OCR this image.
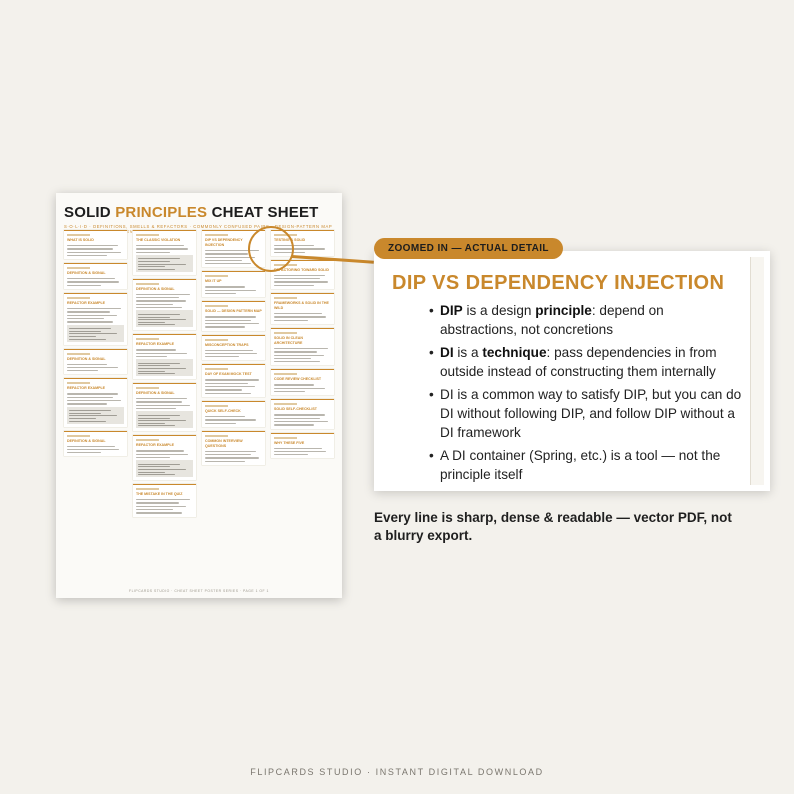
SOLID PRINCIPLES CHEAT SHEET
S·O·L·I·D · DEFINITIONS, SMELLS & REFACTORS · COMMONLY CONFUSED PAIRS · DESIGN-PATTERN MAP
WHAT IS SOLID
DEFINITION & SIGNAL
REFACTOR EXAMPLE
DEFINITION & SIGNAL
REFACTOR EXAMPLE
DEFINITION & SIGNAL
THE CLASSIC VIOLATION
DEFINITION & SIGNAL
REFACTOR EXAMPLE
DEFINITION & SIGNAL
REFACTOR EXAMPLE
THE MISTAKE IN THE QUIZ
DIP VS DEPENDENCY INJECTION
MIX IT UP
SOLID — DESIGN PATTERN MAP
MISCONCEPTION TRAPS
DAY OF EXAM MOCK TEST
QUICK SELF-CHECK
COMMON INTERVIEW QUESTIONS
TESTING & SOLID
REFACTORING TOWARD SOLID
FRAMEWORKS & SOLID IN THE WILD
SOLID IN CLEAN ARCHITECTURE
CODE REVIEW CHECKLIST
SOLID SELF-CHECKLIST
WHY THESE FIVE
FLIPCARDS STUDIO · CHEAT SHEET POSTER SERIES · PAGE 1 OF 1
ZOOMED IN — ACTUAL DETAIL
DIP VS DEPENDENCY INJECTION
• DIP is a design principle: depend on abstractions, not concretions
• DI is a technique: pass dependencies in from outside instead of constructing them internally
• DI is a common way to satisfy DIP, but you can do DI without following DIP, and follow DIP without a DI framework
• A DI container (Spring, etc.) is a tool — not the principle itself
Every line is sharp, dense & readable — vector PDF, not a blurry export.
FLIPCARDS STUDIO · INSTANT DIGITAL DOWNLOAD
